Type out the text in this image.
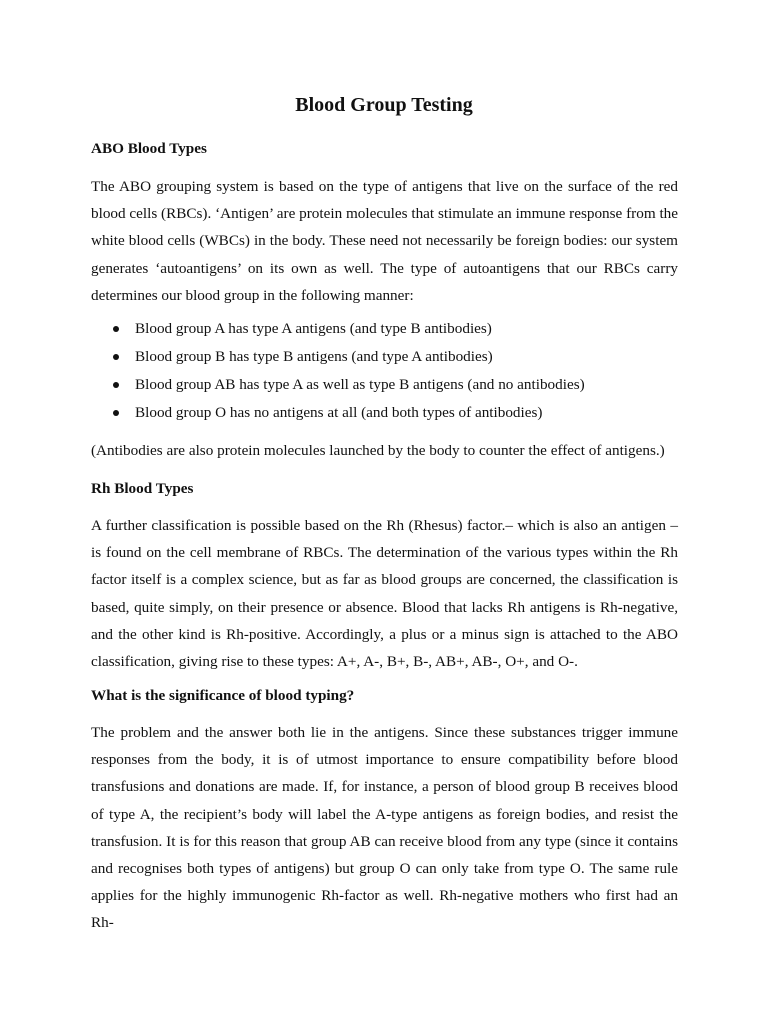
Blood Group Testing
ABO Blood Types

The ABO grouping system is based on the type of antigens that live on the surface of the red blood cells (RBCs). ‘Antigen’ are protein molecules that stimulate an immune response from the white blood cells (WBCs) in the body. These need not necessarily be foreign bodies: our system generates ‘autoantigens’ on its own as well. The type of autoantigens that our RBCs carry determines our blood group in the following manner:

Blood group A has type A antigens (and type B antibodies)
Blood group B has type B antigens (and type A antibodies)
Blood group AB has type A as well as type B antigens (and no antibodies)
Blood group O has no antigens at all (and both types of antibodies)

(Antibodies are also protein molecules launched by the body to counter the effect of antigens.)

Rh Blood Types

A further classification is possible based on the Rh (Rhesus) factor.– which is also an antigen – is found on the cell membrane of RBCs. The determination of the various types within the Rh factor itself is a complex science, but as far as blood groups are concerned, the classification is based, quite simply, on their presence or absence. Blood that lacks Rh antigens is Rh-negative, and the other kind is Rh-positive. Accordingly, a plus or a minus sign is attached to the ABO classification, giving rise to these types: A+, A-, B+, B-, AB+, AB-, O+, and O-.

What is the significance of blood typing?

The problem and the answer both lie in the antigens. Since these substances trigger immune responses from the body, it is of utmost importance to ensure compatibility before blood transfusions and donations are made. If, for instance, a person of blood group B receives blood of type A, the recipient’s body will label the A-type antigens as foreign bodies, and resist the transfusion. It is for this reason that group AB can receive blood from any type (since it contains and recognises both types of antigens) but group O can only take from type O. The same rule applies for the highly immunogenic Rh-factor as well. Rh-negative mothers who first had an Rh-
